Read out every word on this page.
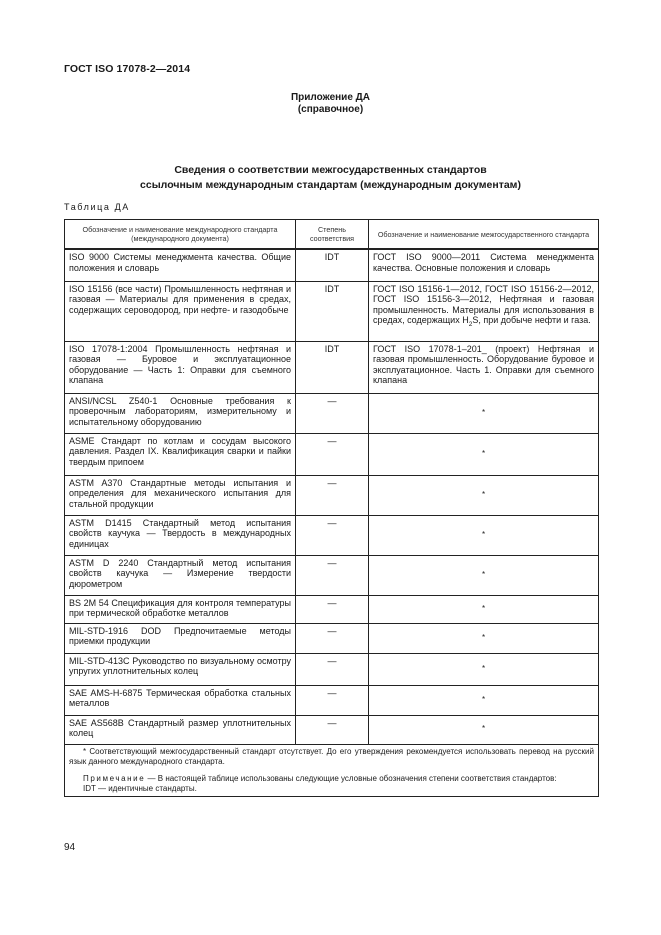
ГОСТ ISO 17078-2—2014
Приложение ДА
(справочное)
Сведения о соответствии межгосударственных стандартов
ссылочным международным стандартам (международным документам)
Таблица ДА
Обозначение и наименование международного стандарта (международного документа)	Степень соответствия	Обозначение и наименование межгосударственного стандарта
ISO 9000 Системы менеджмента качества. Общие положения и словарь	IDT	ГОСТ ISO 9000—2011 Система менеджмента качества. Основные положения и словарь
ISO 15156 (все части) Промышленность нефтяная и газовая — Материалы для применения в средах, содержащих сероводород, при нефте- и газодобыче	IDT	ГОСТ ISO 15156-1—2012, ГОСТ ISO 15156-2—2012, ГОСТ ISO 15156-3—2012, Нефтяная и газовая промышленность. Материалы для использования в средах, содержащих $H_2S$, при добыче нефти и газа.
ISO 17078-1:2004 Промышленность нефтяная и газовая — Буровое и эксплуатационное оборудование — Часть 1: Оправки для съемного клапана	IDT	ГОСТ ISO 17078-1–201_ (проект) Нефтяная и газовая промышленность. Оборудование буровое и эксплуатационное. Часть 1. Оправки для съемного клапана
ANSI/NCSL Z540-1 Основные требования к проверочным лабораториям, измерительному и испытательному оборудованию	—	*
ASME Стандарт по котлам и сосудам высокого давления. Раздел IX. Квалификация сварки и пайки твердым припоем	—	*
ASTM A370 Стандартные методы испытания и определения для механического испытания для стальной продукции	—	*
ASTM D1415 Стандартный метод испытания свойств каучука — Твердость в международных единицах	—	*
ASTM D 2240 Стандартный метод испытания свойств каучука — Измерение твердости дюрометром	—	*
BS 2M 54 Спецификация для контроля температуры при термической обработке металлов	—	*
MIL-STD-1916 DOD Предпочитаемые методы приемки продукции	—	*
MIL-STD-413C Руководство по визуальному осмотру упругих уплотнительных колец	—	*
SAE AMS-H-6875 Термическая обработка стальных металлов	—	*
SAE AS568B Стандартный размер уплотнительных колец	—	*

* Соответствующий межгосударственный стандарт отсутствует. До его утверждения рекомендуется использовать перевод на русский язык данного международного стандарта.
Примечание — В настоящей таблице использованы следующие условные обозначения степени соответствия стандартов:
IDT — идентичные стандарты.		
94
